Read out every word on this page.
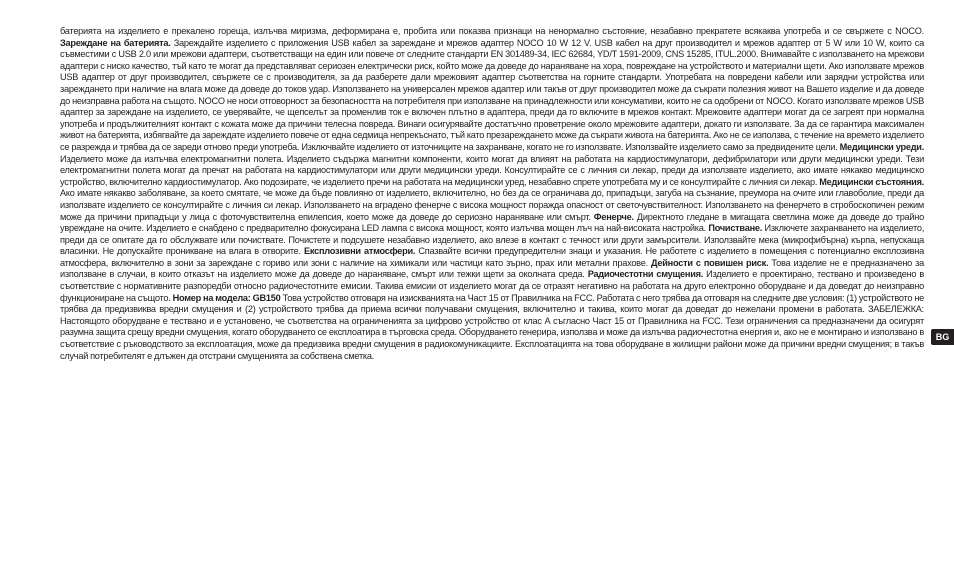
батерията на изделието е прекалено гореща, излъчва миризма, деформирана е, пробита или показва признаци на ненормално състояние, незабавно прекратете всякаква употреба и се свържете с NOCO. Зареждане на батерията. Зареждайте изделието с приложения USB кабел за зареждане и мрежов адаптер NOCO 10 W 12 V. USB кабел на друг производител и мрежов адаптер от 5 W или 10 W, които са съвместими с USB 2.0 или мрежови адаптери, съответстващи на един или повече от следните стандарти EN 301489-34, IEC 62684, YD/T 1591-2009, CNS 15285, ITUL.2000. Внимавайте с използването на мрежови адаптери с ниско качество, тъй като те могат да представляват сериозен електрически риск, който може да доведе до нараняване на хора, повреждане на устройството и материални щети. Ако използвате мрежов USB адаптер от друг производител, свържете се с производителя, за да разберете дали мрежовият адаптер съответства на горните стандарти. Употребата на повредени кабели или зарядни устройства или зареждането при наличие на влага може да доведе до токов удар. Използването на универсален мрежов адаптер или такъв от друг производител може да съкрати полезния живот на Вашето изделие и да доведе до неизправна работа на същото. NOCO не носи отговорност за безопасността на потребителя при използване на принадлежности или консумативи, които не са одобрени от NOCO. Когато използвате мрежов USB адаптер за зареждане на изделието, се уверявайте, че щепселът за променлив ток е включен плътно в адаптера, преди да го включите в мрежов контакт. Мрежовите адаптери могат да се загреят при нормална употреба и продължителният контакт с кожата може да причини телесна повреда. Винаги осигурявайте достатъчно проветрение около мрежовите адаптери, докато ги използвате. За да се гарантира максимален живот на батерията, избягвайте да зареждате изделието повече от една седмица непрекъснато, тъй като презареждането може да съкрати живота на батерията. Ако не се използва, с течение на времето изделието се разрежда и трябва да се зареди отново преди употреба. Изключвайте изделието от източниците на захранване, когато не го използвате. Използвайте изделието само за предвидените цели. Медицински уреди. Изделието може да излъчва електромагнитни полета. Изделието съдържа магнитни компоненти, които могат да влияят на работата на кардиостимулатори, дефибрилатори или други медицински уреди. Тези електромагнитни полета могат да пречат на работата на кардиостимулатори или други медицински уреди. Консултирайте се с личния си лекар, преди да използвате изделието, ако имате някакво медицинско устройство, включително кардиостимулатор. Ако подозирате, че изделието пречи на работата на медицински уред, незабавно спрете употребата му и се консултирайте с личния си лекар. Медицински състояния. Ако имате някакво заболяване, за което смятате, че може да бъде повлияно от изделието, включително, но без да се ограничава до, припадъци, загуба на съзнание, преумора на очите или главоболие, преди да използвате изделието се консултирайте с личния си лекар. Използването на вградено фенерче с висока мощност поражда опасност от светочувствителност. Използването на фенерчето в стробоскопичен режим може да причини припадъци у лица с фоточувствителна епилепсия, което може да доведе до сериозно нараняване или смърт. Фенерче. Директното гледане в мигащата светлина може да доведе до трайно увреждане на очите. Изделието е снабдено с предварително фокусирана LED лампа с висока мощност, която излъчва мощен лъч на най-високата настройка. Почистване. Изключете захранването на изделието, преди да се опитате да го обслужвате или почиствате. Почистете и подсушете незабавно изделието, ако влезе в контакт с течност или други замърсители. Използвайте мека (микрофибърна) кърпа, непускаща власинки. Не допускайте проникване на влага в отворите. Експлозивни атмосфери. Спазвайте всички предупредителни знаци и указания. Не работете с изделието в помещения с потенциално експлозивна атмосфера, включително в зони за зареждане с гориво или зони с наличие на химикали или частици като зърно, прах или метални прахове. Дейности с повишен риск. Това изделие не е предназначено за използване в случаи, в които отказът на изделието може да доведе до нараняване, смърт или тежки щети за околната среда. Радиочестотни смущения. Изделието е проектирано, тествано и произведено в съответствие с нормативните разпоредби относно радиочестотните емисии. Такива емисии от изделието могат да се отразят негативно на работата на друго електронно оборудване и да доведат до неизправно функциониране на същото. Номер на модела: GB150 Това устройство отговаря на изискванията на Част 15 от Правилника на FCC. Работата с него трябва да отговаря на следните две условия: (1) устройството не трябва да предизвиква вредни смущения и (2) устройството трябва да приема всички получавани смущения, включително и такива, които могат да доведат до нежелани промени в работата. ЗАБЕЛЕЖКА: Настоящото оборудване е тествано и е установено, че съответства на ограниченията за цифрово устройство от клас А съгласно Част 15 от Правилника на FCC. Тези ограничения са предназначени да осигурят разумна защита срещу вредни смущения, когато оборудването се експлоатира в търговска среда. Оборудването генерира, използва и може да излъчва радиочестотна енергия и, ако не е монтирано и използвано в съответствие с ръководството за експлоатация, може да предизвика вредни смущения в радиокомуникациите. Експлоатацията на това оборудване в жилищни райони може да причини вредни смущения; в такъв случай потребителят е длъжен да отстрани смущенията за собствена сметка.
BG
